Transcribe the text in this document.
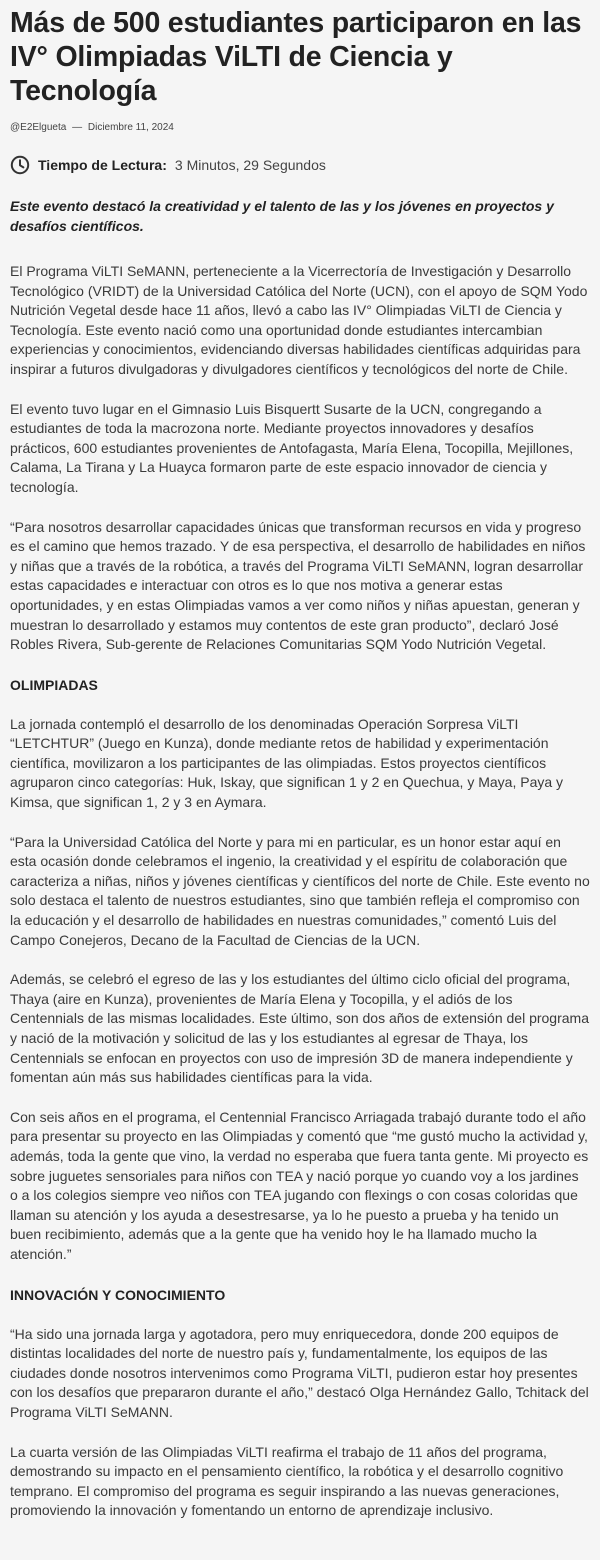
Más de 500 estudiantes participaron en las IV° Olimpiadas ViLTI de Ciencia y Tecnología
@E2Elgueta — Diciembre 11, 2024
Tiempo de Lectura: 3 Minutos, 29 Segundos

Este evento destacó la creatividad y el talento de las y los jóvenes en proyectos y desafíos científicos.

El Programa ViLTI SeMANN, perteneciente a la Vicerrectoría de Investigación y Desarrollo Tecnológico (VRIDT) de la Universidad Católica del Norte (UCN), con el apoyo de SQM Yodo Nutrición Vegetal desde hace 11 años, llevó a cabo las IV° Olimpiadas ViLTI de Ciencia y Tecnología. Este evento nació como una oportunidad donde estudiantes intercambian experiencias y conocimientos, evidenciando diversas habilidades científicas adquiridas para inspirar a futuros divulgadoras y divulgadores científicos y tecnológicos del norte de Chile.

El evento tuvo lugar en el Gimnasio Luis Bisquertt Susarte de la UCN, congregando a estudiantes de toda la macrozona norte. Mediante proyectos innovadores y desafíos prácticos, 600 estudiantes provenientes de Antofagasta, María Elena, Tocopilla, Mejillones, Calama, La Tirana y La Huayca formaron parte de este espacio innovador de ciencia y tecnología.

“Para nosotros desarrollar capacidades únicas que transforman recursos en vida y progreso es el camino que hemos trazado. Y de esa perspectiva, el desarrollo de habilidades en niños y niñas que a través de la robótica, a través del Programa ViLTI SeMANN, logran desarrollar estas capacidades e interactuar con otros es lo que nos motiva a generar estas oportunidades, y en estas Olimpiadas vamos a ver como niños y niñas apuestan, generan y muestran lo desarrollado y estamos muy contentos de este gran producto”, declaró José Robles Rivera, Sub-gerente de Relaciones Comunitarias SQM Yodo Nutrición Vegetal.

OLIMPIADAS

La jornada contempló el desarrollo de los denominadas Operación Sorpresa ViLTI “LETCHTUR” (Juego en Kunza), donde mediante retos de habilidad y experimentación científica, movilizaron a los participantes de las olimpiadas. Estos proyectos científicos agruparon cinco categorías: Huk, Iskay, que significan 1 y 2 en Quechua, y Maya, Paya y Kimsa, que significan 1, 2 y 3 en Aymara.

“Para la Universidad Católica del Norte y para mi en particular, es un honor estar aquí en esta ocasión donde celebramos el ingenio, la creatividad y el espíritu de colaboración que caracteriza a niñas, niños y jóvenes científicas y científicos del norte de Chile. Este evento no solo destaca el talento de nuestros estudiantes, sino que también refleja el compromiso con la educación y el desarrollo de habilidades en nuestras comunidades,” comentó Luis del Campo Conejeros, Decano de la Facultad de Ciencias de la UCN.

Además, se celebró el egreso de las y los estudiantes del último ciclo oficial del programa, Thaya (aire en Kunza), provenientes de María Elena y Tocopilla, y el adiós de los Centennials de las mismas localidades. Este último, son dos años de extensión del programa y nació de la motivación y solicitud de las y los estudiantes al egresar de Thaya, los Centennials se enfocan en proyectos con uso de impresión 3D de manera independiente y fomentan aún más sus habilidades científicas para la vida.

Con seis años en el programa, el Centennial Francisco Arriagada trabajó durante todo el año para presentar su proyecto en las Olimpiadas y comentó que “me gustó mucho la actividad y, además, toda la gente que vino, la verdad no esperaba que fuera tanta gente. Mi proyecto es sobre juguetes sensoriales para niños con TEA y nació porque yo cuando voy a los jardines o a los colegios siempre veo niños con TEA jugando con flexings o con cosas coloridas que llaman su atención y los ayuda a desestresarse, ya lo he puesto a prueba y ha tenido un buen recibimiento, además que a la gente que ha venido hoy le ha llamado mucho la atención.”

INNOVACIÓN Y CONOCIMIENTO

“Ha sido una jornada larga y agotadora, pero muy enriquecedora, donde 200 equipos de distintas localidades del norte de nuestro país y, fundamentalmente, los equipos de las ciudades donde nosotros intervenimos como Programa ViLTI, pudieron estar hoy presentes con los desafíos que prepararon durante el año,” destacó Olga Hernández Gallo, Tchitack del Programa ViLTI SeMANN.

La cuarta versión de las Olimpiadas ViLTI reafirma el trabajo de 11 años del programa, demostrando su impacto en el pensamiento científico, la robótica y el desarrollo cognitivo temprano. El compromiso del programa es seguir inspirando a las nuevas generaciones, promoviendo la innovación y fomentando un entorno de aprendizaje inclusivo.
